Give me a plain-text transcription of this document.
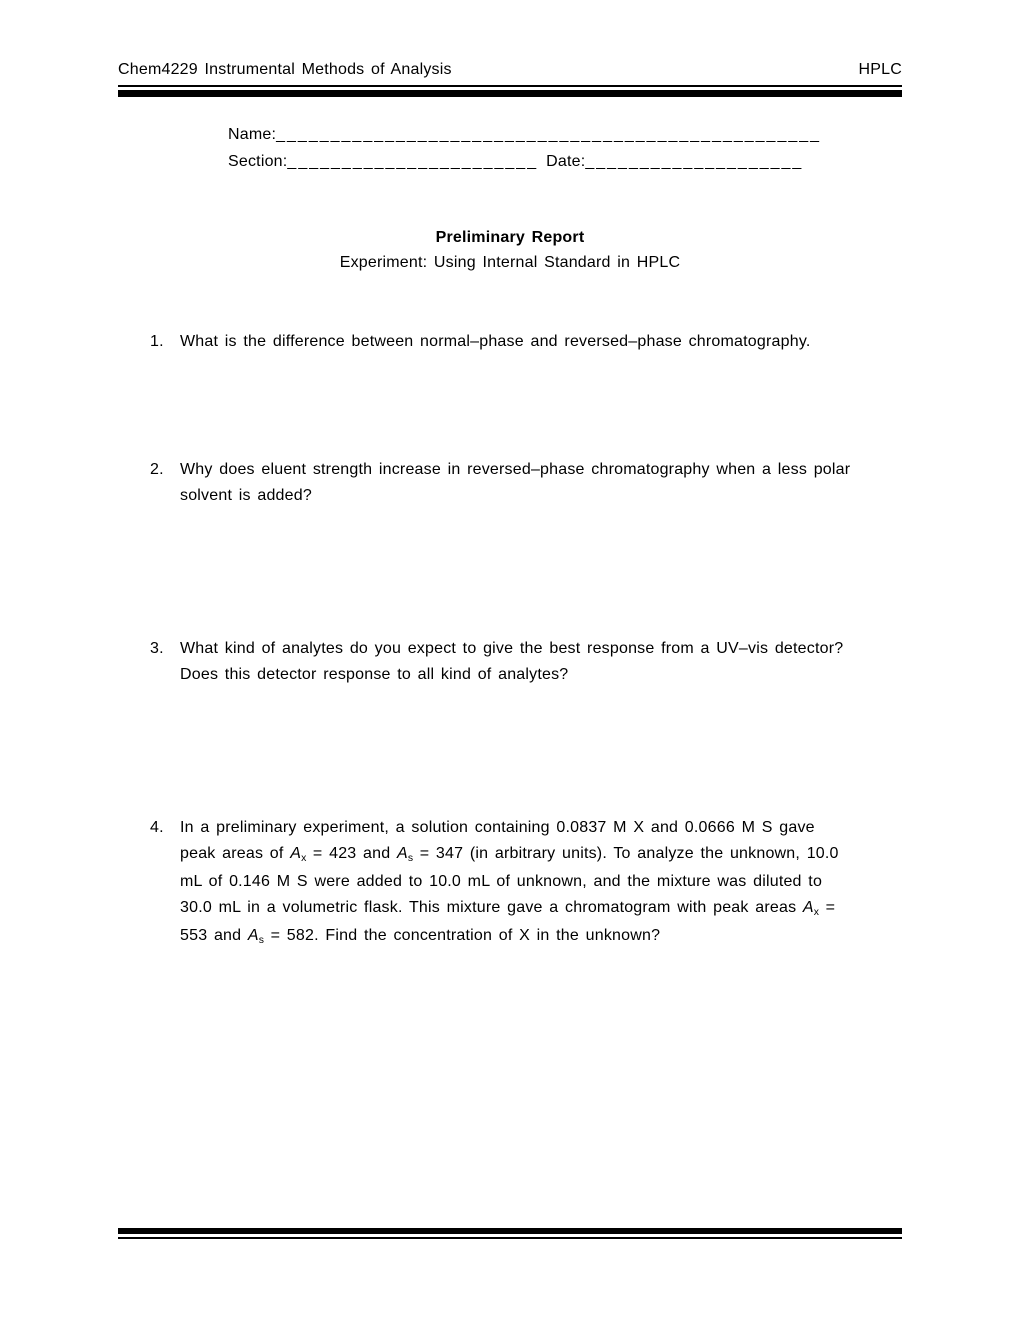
Chem4229 Instrumental Methods of Analysis	HPLC
Name:__________________________________________________
Section:_______________________ Date:____________________
Preliminary Report
Experiment: Using Internal Standard in HPLC
1.	What is the difference between normal–phase and reversed–phase chromatography.
2.	Why does eluent strength increase in reversed–phase chromatography when a less polar
solvent is added?
3.	What kind of analytes do you expect to give the best response from a UV–vis detector?
Does this detector response to all kind of analytes?
4.	In a preliminary experiment, a solution containing 0.0837 M X and 0.0666 M S gave
peak areas of $A_x = 423$ and $A_s = 347$ (in arbitrary units). To analyze the unknown, 10.0
mL of 0.146 M S were added to 10.0 mL of unknown, and the mixture was diluted to
30.0 mL in a volumetric flask. This mixture gave a chromatogram with peak areas $A_x$ =
553 and $A_s = 582$. Find the concentration of X in the unknown?
